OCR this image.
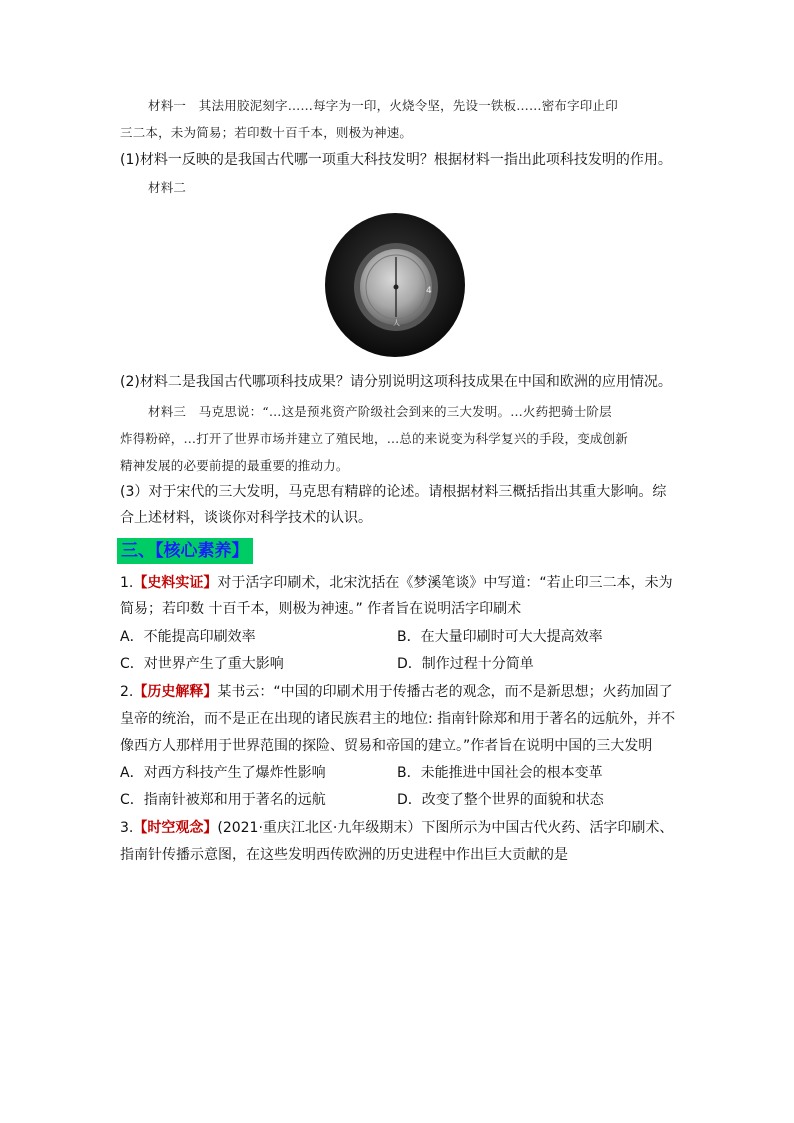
材料一　其法用胶泥刻字……每字为一印，火烧令坚，先设一铁板……密布字印止印
三二本，未为简易；若印数十百千本，则极为神速。
(1)材料一反映的是我国古代哪一项重大科技发明？根据材料一指出此项科技发明的作用。
材料二
4
人
(2)材料二是我国古代哪项科技成果？请分别说明这项科技成果在中国和欧洲的应用情况。
材料三　马克思说：“…这是预兆资产阶级社会到来的三大发明。…火药把骑士阶层
炸得粉碎，…打开了世界市场并建立了殖民地，…总的来说变为科学复兴的手段，变成创新
精神发展的必要前提的最重要的推动力。
(3）对于宋代的三大发明，马克思有精辟的论述。请根据材料三概括指出其重大影响。综
合上述材料，谈谈你对科学技术的认识。
三、【核心素养】
1.【史料实证】对于活字印刷术，北宋沈括在《梦溪笔谈》中写道：“若止印三二本，未为
简易；若印数 十百千本，则极为神速。” 作者旨在说明活字印刷术
A．不能提高印刷效率	B．在大量印刷时可大大提高效率
C．对世界产生了重大影响	D．制作过程十分简单
2.【历史解释】某书云：“中国的印刷术用于传播古老的观念，而不是新思想；火药加固了
皇帝的统治，而不是正在出现的诸民族君主的地位: 指南针除郑和用于著名的远航外，并不
像西方人那样用于世界范围的探险、贸易和帝国的建立。”作者旨在说明中国的三大发明
A．对西方科技产生了爆炸性影响	B．未能推进中国社会的根本变革
C．指南针被郑和用于著名的远航	D．改变了整个世界的面貌和状态
3.【时空观念】(2021·重庆江北区·九年级期末）下图所示为中国古代火药、活字印刷术、
指南针传播示意图，在这些发明西传欧洲的历史进程中作出巨大贡献的是
